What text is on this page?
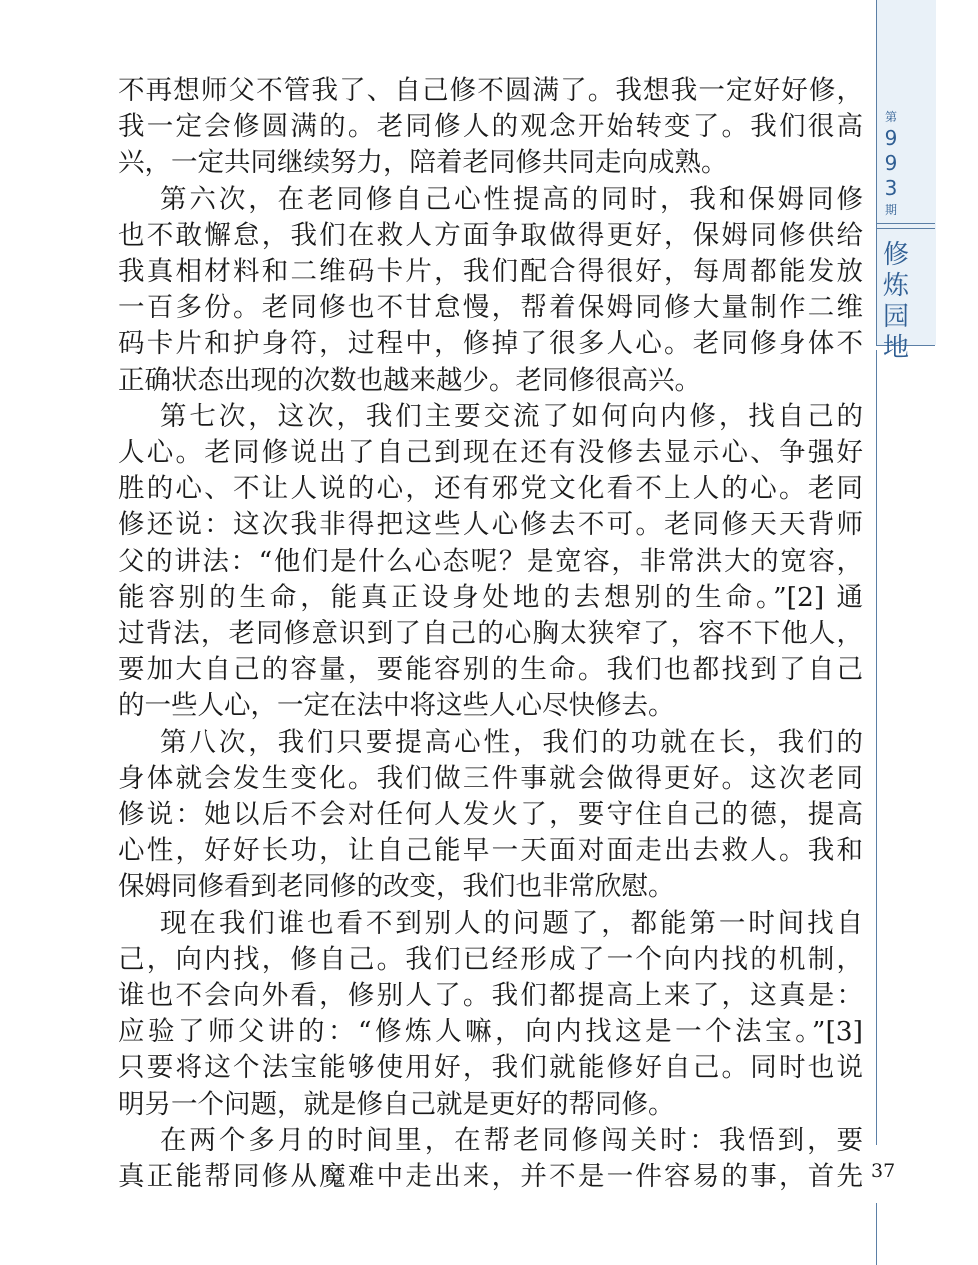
第
9
9
3
期
修
炼
园
地
不再想师父不管我了、自己修不圆满了。我想我一定好好修，
我一定会修圆满的。老同修人的观念开始转变了。我们很高
兴，一定共同继续努力，陪着老同修共同走向成熟。
第六次，在老同修自己心性提高的同时，我和保姆同修
也不敢懈怠，我们在救人方面争取做得更好，保姆同修供给
我真相材料和二维码卡片，我们配合得很好，每周都能发放
一百多份。老同修也不甘怠慢，帮着保姆同修大量制作二维
码卡片和护身符，过程中，修掉了很多人心。老同修身体不
正确状态出现的次数也越来越少。老同修很高兴。
第七次，这次，我们主要交流了如何向内修，找自己的
人心。老同修说出了自己到现在还有没修去显示心、争强好
胜的心、不让人说的心，还有邪党文化看不上人的心。老同
修还说：这次我非得把这些人心修去不可。老同修天天背师
父的讲法：“他们是什么心态呢？是宽容，非常洪大的宽容，
能容别的生命，能真正设身处地的去想别的生命。”[2] 通
过背法，老同修意识到了自己的心胸太狭窄了，容不下他人，
要加大自己的容量，要能容别的生命。我们也都找到了自己
的一些人心，一定在法中将这些人心尽快修去。
第八次，我们只要提高心性，我们的功就在长，我们的
身体就会发生变化。我们做三件事就会做得更好。这次老同
修说：她以后不会对任何人发火了，要守住自己的德，提高
心性，好好长功，让自己能早一天面对面走出去救人。我和
保姆同修看到老同修的改变，我们也非常欣慰。
现在我们谁也看不到别人的问题了，都能第一时间找自
己，向内找，修自己。我们已经形成了一个向内找的机制，
谁也不会向外看，修别人了。我们都提高上来了，这真是：
应验了师父讲的：“修炼人嘛，向内找这是一个法宝。”[3]
只要将这个法宝能够使用好，我们就能修好自己。同时也说
明另一个问题，就是修自己就是更好的帮同修。
在两个多月的时间里，在帮老同修闯关时：我悟到，要
真正能帮同修从魔难中走出来，并不是一件容易的事，首先 37
